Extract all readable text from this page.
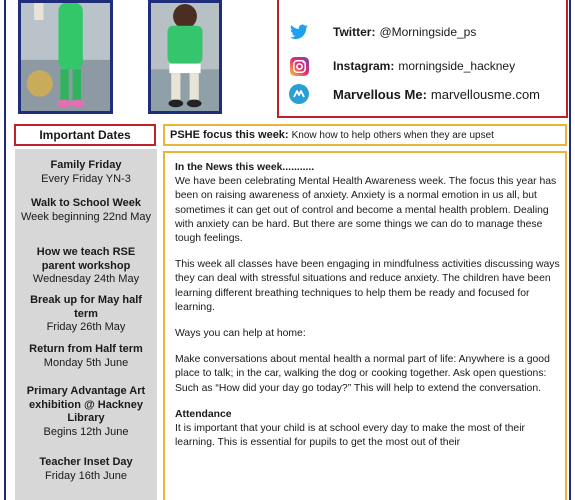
Twitter: @Morningside_ps
Instagram: morningside_hackney
Marvellous Me: marvellousme.com
Important Dates	PSHE focus this week: Know how to help others when they are upset
Family Friday
Every Friday YN-3
Walk to School Week
Week beginning 22nd May
How we teach RSE parent workshop
Wednesday 24th May
Break up for May half term
Friday 26th May
Return from Half term
Monday 5th June
Primary Advantage Art exhibition @ Hackney Library
Begins 12th June
Teacher Inset Day
Friday 16th June

In the News this week...........

We have been celebrating Mental Health Awareness week. The focus this year has been on raising awareness of anxiety. Anxiety is a normal emotion in us all, but sometimes it can get out of control and become a mental health problem. Dealing with anxiety can be hard. But there are some things we can do to manage these tough feelings.

This week all classes have been engaging in mindfulness activities discussing ways they can deal with stressful situations and reduce anxiety. The children have been learning different breathing techniques to help them be ready and focused for learning.

Ways you can help at home:

Make conversations about mental health a normal part of life: Anywhere is a good place to talk; in the car, walking the dog or cooking together. Ask open questions: Such as “How did your day go today?” This will help to extend the conversation.

Attendance

It is important that your child is at school every day to make the most of their learning. This is essential for pupils to get the most out of their
